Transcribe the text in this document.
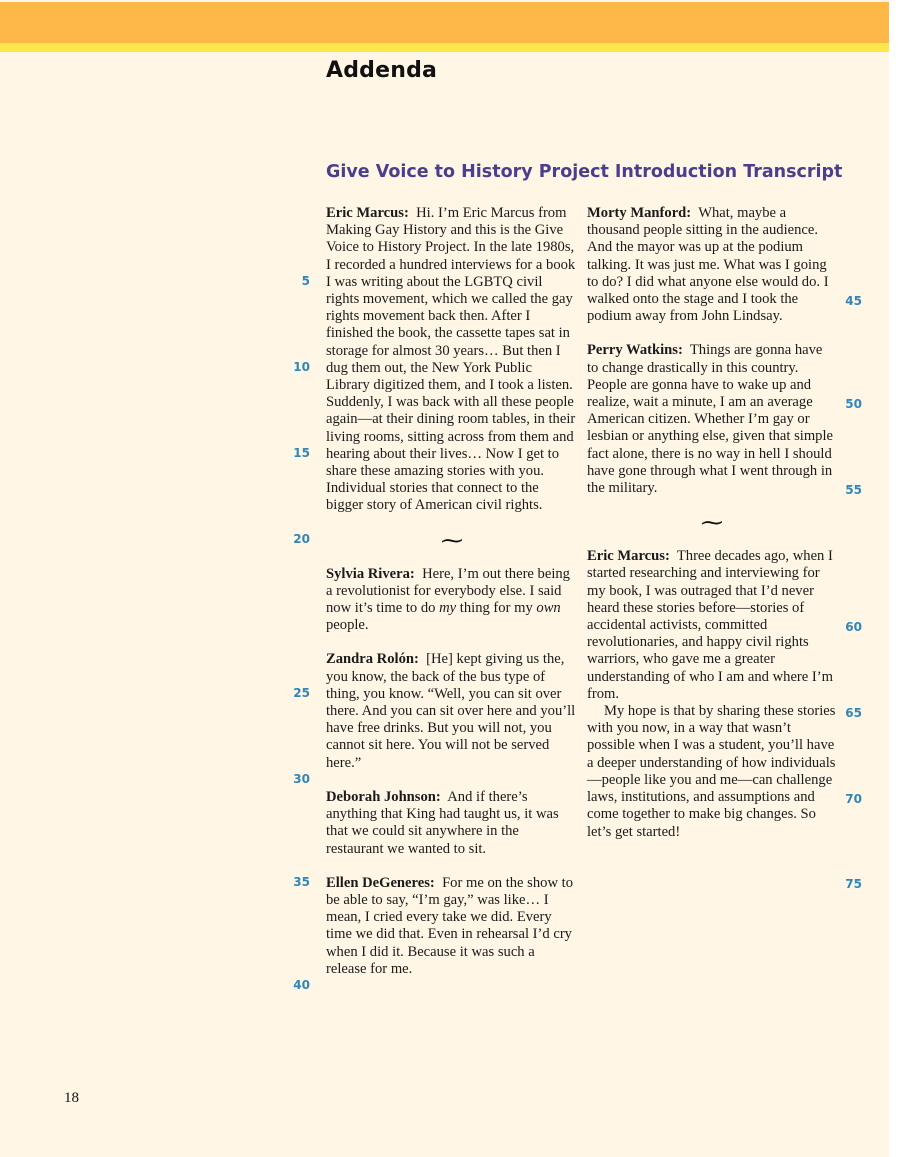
Addenda
Give Voice to History Project Introduction Transcript

Eric Marcus: Hi. I’m Eric Marcus from Making Gay History and this is the Give Voice to History Project. In the late 1980s, I recorded a hundred interviews for a book I was writing about the LGBTQ civil rights movement, which we called the gay rights movement back then. After I finished the book, the cassette tapes sat in storage for almost 30 years… But then I dug them out, the New York Public Library digitized them, and I took a listen. Suddenly, I was back with all these people again—at their dining room tables, in their living rooms, sitting across from them and hearing about their lives… Now I get to share these amazing stories with you. Individual stories that connect to the bigger story of American civil rights.

⁓

Sylvia Rivera: Here, I’m out there being a revolutionist for everybody else. I said now it’s time to do my thing for my own people.

Zandra Rolón: [He] kept giving us the, you know, the back of the bus type of thing, you know. “Well, you can sit over there. And you can sit over here and you’ll have free drinks. But you will not, you cannot sit here. You will not be served here.”

Deborah Johnson: And if there’s anything that King had taught us, it was that we could sit anywhere in the restaurant we wanted to sit.

Ellen DeGeneres: For me on the show to be able to say, “I’m gay,” was like… I mean, I cried every take we did. Every time we did that. Even in rehearsal I’d cry when I did it. Because it was such a release for me.

Morty Manford: What, maybe a thousand people sitting in the audience. And the mayor was up at the podium talking. It was just me. What was I going to do? I did what anyone else would do. I walked onto the stage and I took the podium away from John Lindsay.

Perry Watkins: Things are gonna have to change drastically in this country. People are gonna have to wake up and realize, wait a minute, I am an average American citizen. Whether I’m gay or lesbian or anything else, given that simple fact alone, there is no way in hell I should have gone through what I went through in the military.

⁓

Eric Marcus: Three decades ago, when I started researching and interviewing for my book, I was outraged that I’d never heard these stories before—stories of accidental activists, committed revolutionaries, and happy civil rights warriors, who gave me a greater understanding of who I am and where I’m from.

My hope is that by sharing these stories with you now, in a way that wasn’t possible when I was a student, you’ll have a deeper understanding of how individuals—people like you and me—can challenge laws, institutions, and assumptions and come together to make big changes. So let’s get started!

5
10
15
20
25
30
35
40
45
50
55
60
65
70
75
18
